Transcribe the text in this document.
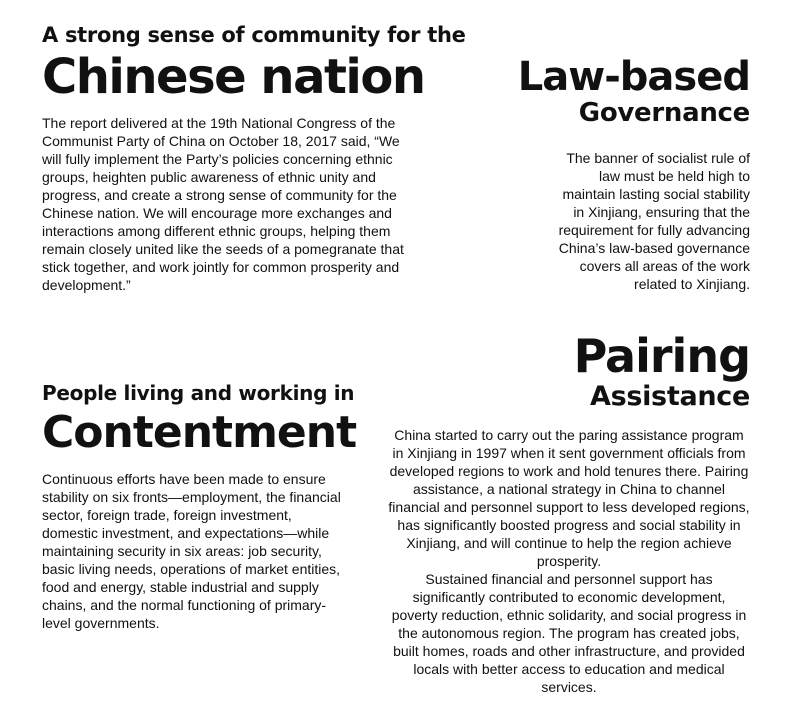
A strong sense of community for the
Chinese nation

The report delivered at the 19th National Congress of the Communist Party of China on October 18, 2017 said, “We will fully implement the Party’s policies concerning ethnic groups, heighten public awareness of ethnic unity and progress, and create a strong sense of community for the Chinese nation. We will encourage more exchanges and interactions among different ethnic groups, helping them remain closely united like the seeds of a pomegranate that stick together, and work jointly for common prosperity and development.”

Law-based
Governance

The banner of socialist rule of law must be held high to maintain lasting social stability in Xinjiang, ensuring that the requirement for fully advancing China’s law-based governance covers all areas of the work related to Xinjiang.

People living and working in
Contentment

Continuous efforts have been made to ensure stability on six fronts—employment, the financial sector, foreign trade, foreign investment, domestic investment, and expectations—while maintaining security in six areas: job security, basic living needs, operations of market entities, food and energy, stable industrial and supply chains, and the normal functioning of primary-level governments.

Pairing
Assistance

China started to carry out the paring assistance program in Xinjiang in 1997 when it sent government officials from developed regions to work and hold tenures there. Pairing assistance, a national strategy in China to channel financial and personnel support to less developed regions, has significantly boosted progress and social stability in Xinjiang, and will continue to help the region achieve prosperity.

Sustained financial and personnel support has significantly contributed to economic development, poverty reduction, ethnic solidarity, and social progress in the autonomous region. The program has created jobs, built homes, roads and other infrastructure, and provided locals with better access to education and medical services.
